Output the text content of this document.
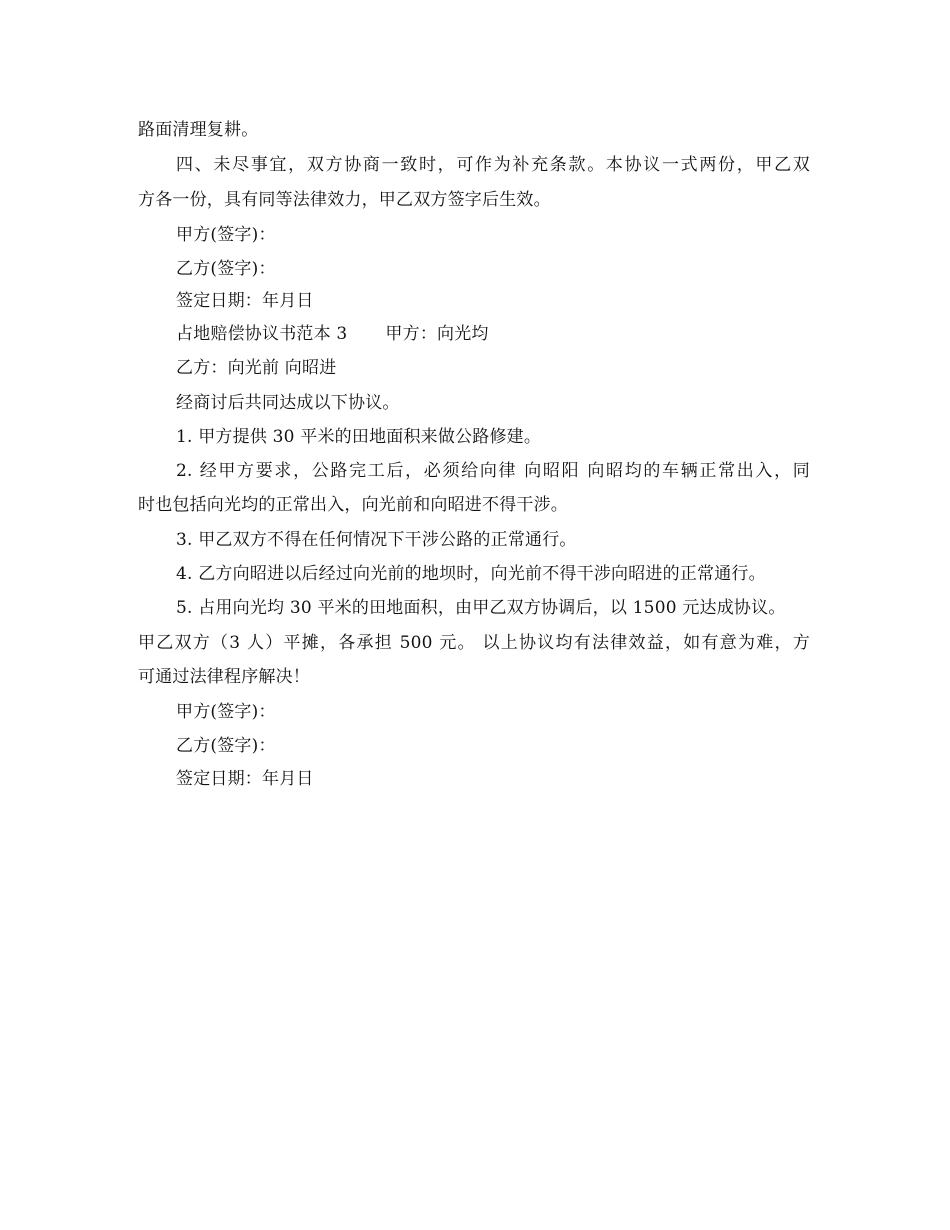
路面清理复耕。
四、未尽事宜，双方协商一致时，可作为补充条款。本协议一式两份，甲乙双
方各一份，具有同等法律效力，甲乙双方签字后生效。
甲方(签字)：
乙方(签字)：
签定日期：年月日
占地赔偿协议书范本 3 甲方：向光均
乙方：向光前 向昭进
经商讨后共同达成以下协议。
1. 甲方提供 30 平米的田地面积来做公路修建。
2. 经甲方要求，公路完工后，必须给向律 向昭阳 向昭均的车辆正常出入，同
时也包括向光均的正常出入，向光前和向昭进不得干涉。
3. 甲乙双方不得在任何情况下干涉公路的正常通行。
4. 乙方向昭进以后经过向光前的地坝时，向光前不得干涉向昭进的正常通行。
5. 占用向光均 30 平米的田地面积，由甲乙双方协调后，以 1500 元达成协议。
甲乙双方（3 人）平摊，各承担 500 元。 以上协议均有法律效益，如有意为难，方
可通过法律程序解决！
甲方(签字)：
乙方(签字)：
签定日期：年月日
